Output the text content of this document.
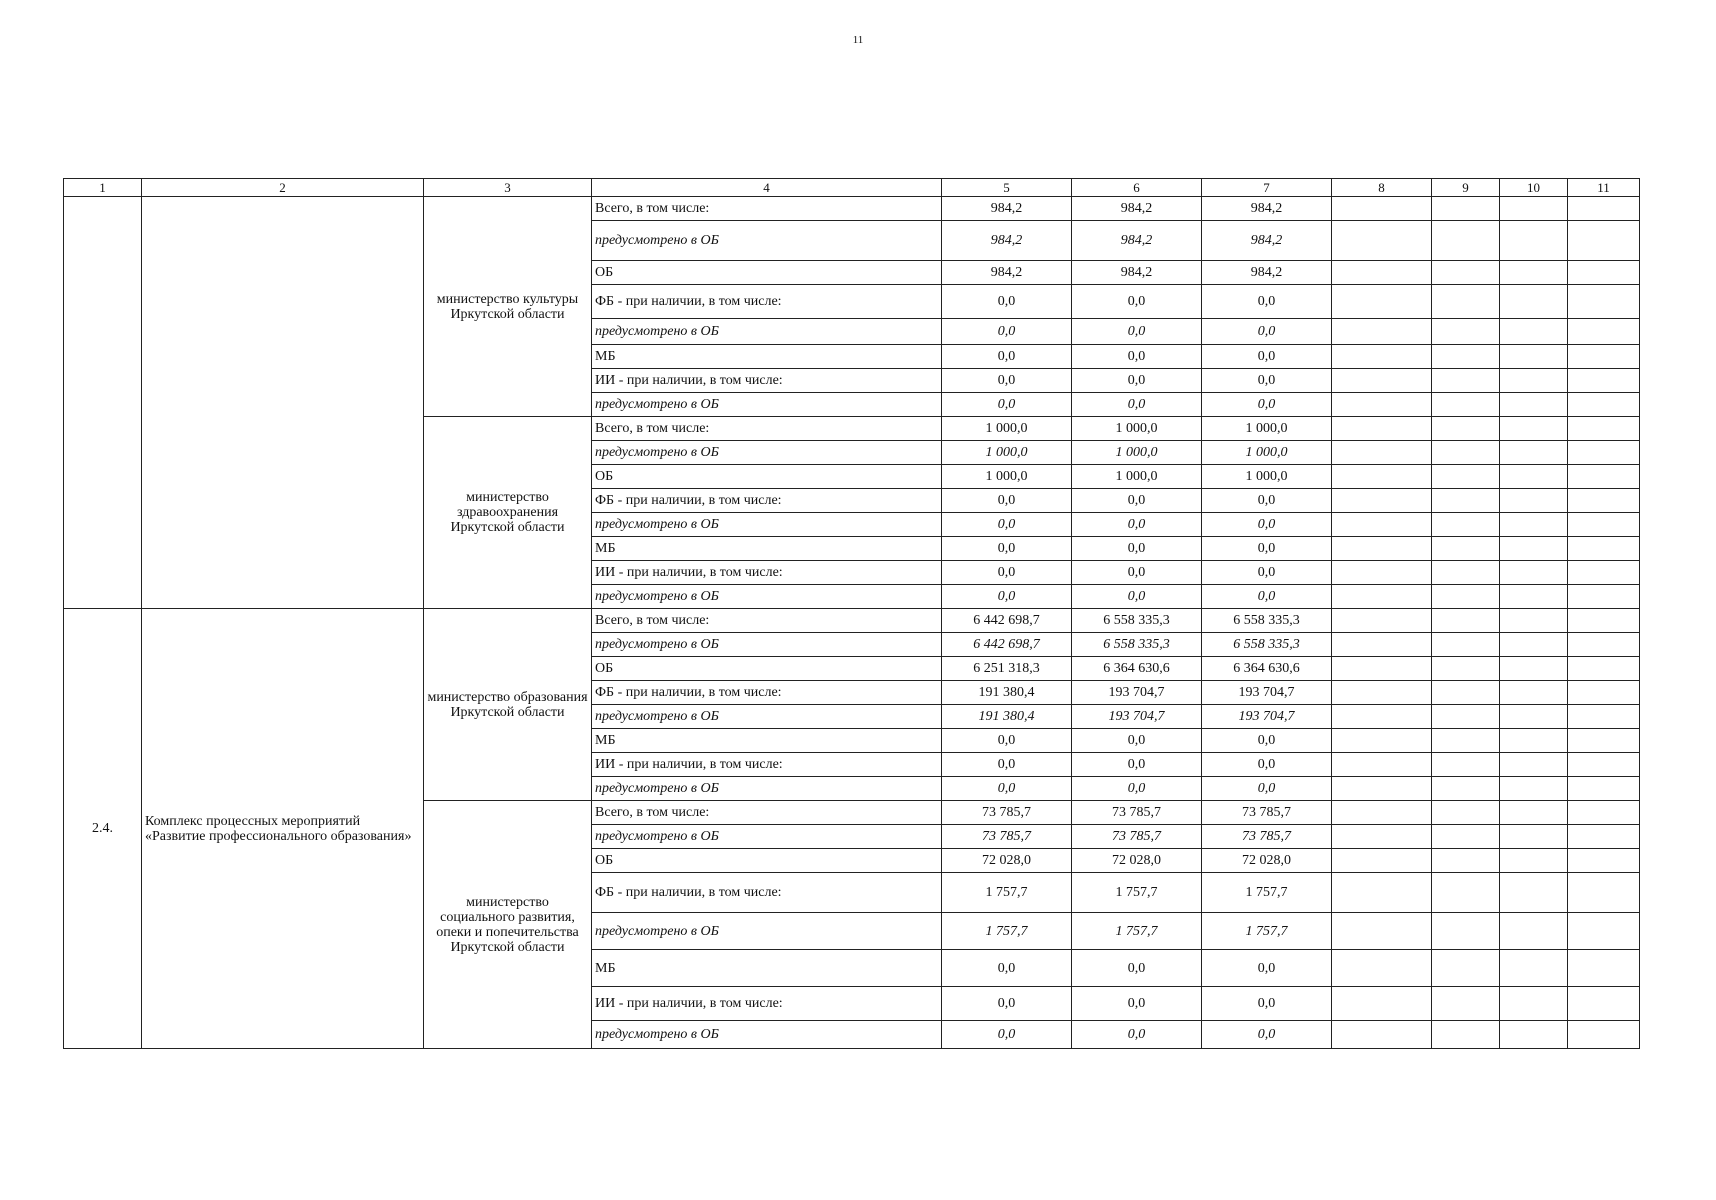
11
1	2	3	4	5	6	7	8	9	10	11
		министерство культуры Иркутской области	Всего, в том числе:	984,2	984,2	984,2				
			предусмотрено в ОБ	984,2	984,2	984,2				
			ОБ	984,2	984,2	984,2				
			ФБ - при наличии, в том числе:	0,0	0,0	0,0				
			предусмотрено в ОБ	0,0	0,0	0,0				
			МБ	0,0	0,0	0,0				
			ИИ - при наличии, в том числе:	0,0	0,0	0,0				
			предусмотрено в ОБ	0,0	0,0	0,0				
		министерство здравоохранения Иркутской области	Всего, в том числе:	1 000,0	1 000,0	1 000,0				
			предусмотрено в ОБ	1 000,0	1 000,0	1 000,0				
			ОБ	1 000,0	1 000,0	1 000,0				
			ФБ - при наличии, в том числе:	0,0	0,0	0,0				
			предусмотрено в ОБ	0,0	0,0	0,0				
			МБ	0,0	0,0	0,0				
			ИИ - при наличии, в том числе:	0,0	0,0	0,0				
			предусмотрено в ОБ	0,0	0,0	0,0				
2.4.	Комплекс процессных мероприятий «Развитие профессионального образования»	министерство образования Иркутской области	Всего, в том числе:	6 442 698,7	6 558 335,3	6 558 335,3				
			предусмотрено в ОБ	6 442 698,7	6 558 335,3	6 558 335,3				
			ОБ	6 251 318,3	6 364 630,6	6 364 630,6				
			ФБ - при наличии, в том числе:	191 380,4	193 704,7	193 704,7				
			предусмотрено в ОБ	191 380,4	193 704,7	193 704,7				
			МБ	0,0	0,0	0,0				
			ИИ - при наличии, в том числе:	0,0	0,0	0,0				
			предусмотрено в ОБ	0,0	0,0	0,0				
		министерство социального развития, опеки и попечительства Иркутской области	Всего, в том числе:	73 785,7	73 785,7	73 785,7				
			предусмотрено в ОБ	73 785,7	73 785,7	73 785,7				
			ОБ	72 028,0	72 028,0	72 028,0				
			ФБ - при наличии, в том числе:	1 757,7	1 757,7	1 757,7				
			предусмотрено в ОБ	1 757,7	1 757,7	1 757,7				
			МБ	0,0	0,0	0,0				
			ИИ - при наличии, в том числе:	0,0	0,0	0,0				
			предусмотрено в ОБ	0,0	0,0	0,0				
